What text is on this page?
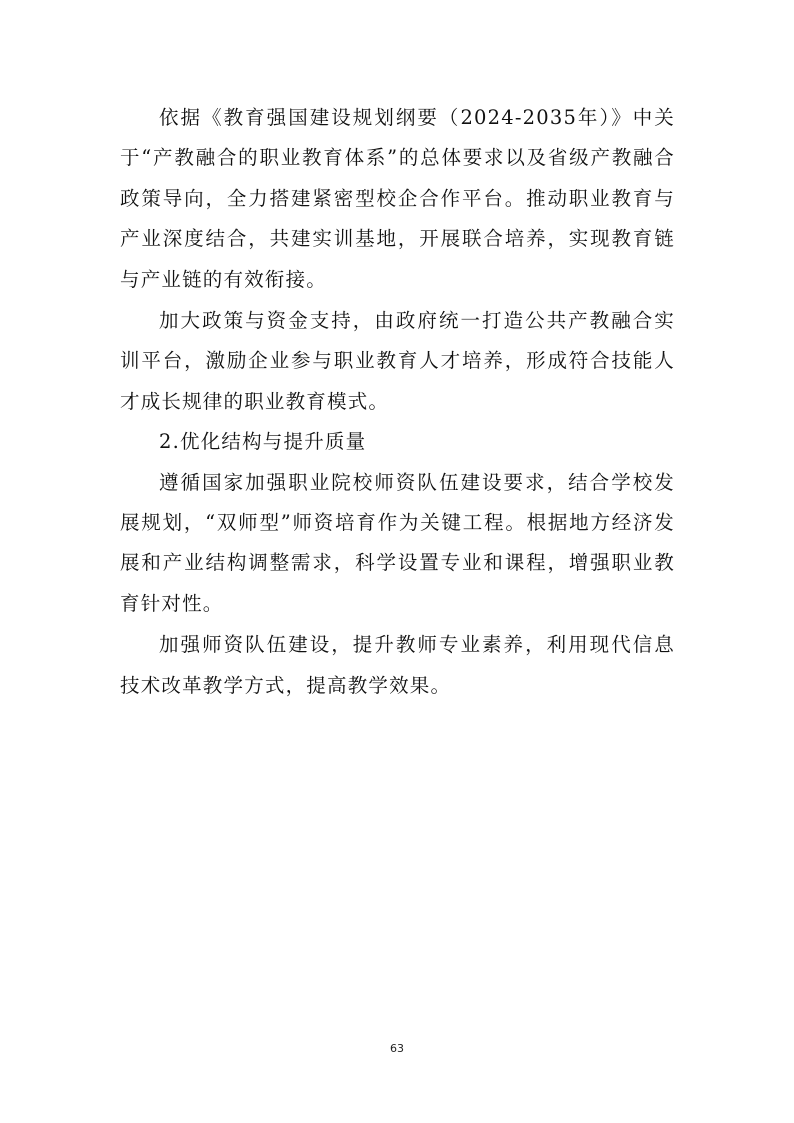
依据《教育强国建设规划纲要（2024-2035年）》中关于“产教融合的职业教育体系”的总体要求以及省级产教融合政策导向，全力搭建紧密型校企合作平台。推动职业教育与产业深度结合，共建实训基地，开展联合培养，实现教育链与产业链的有效衔接。

加大政策与资金支持，由政府统一打造公共产教融合实训平台，激励企业参与职业教育人才培养，形成符合技能人才成长规律的职业教育模式。

2.优化结构与提升质量

遵循国家加强职业院校师资队伍建设要求，结合学校发展规划，“双师型”师资培育作为关键工程。根据地方经济发展和产业结构调整需求，科学设置专业和课程，增强职业教育针对性。

加强师资队伍建设，提升教师专业素养，利用现代信息技术改革教学方式，提高教学效果。

63
